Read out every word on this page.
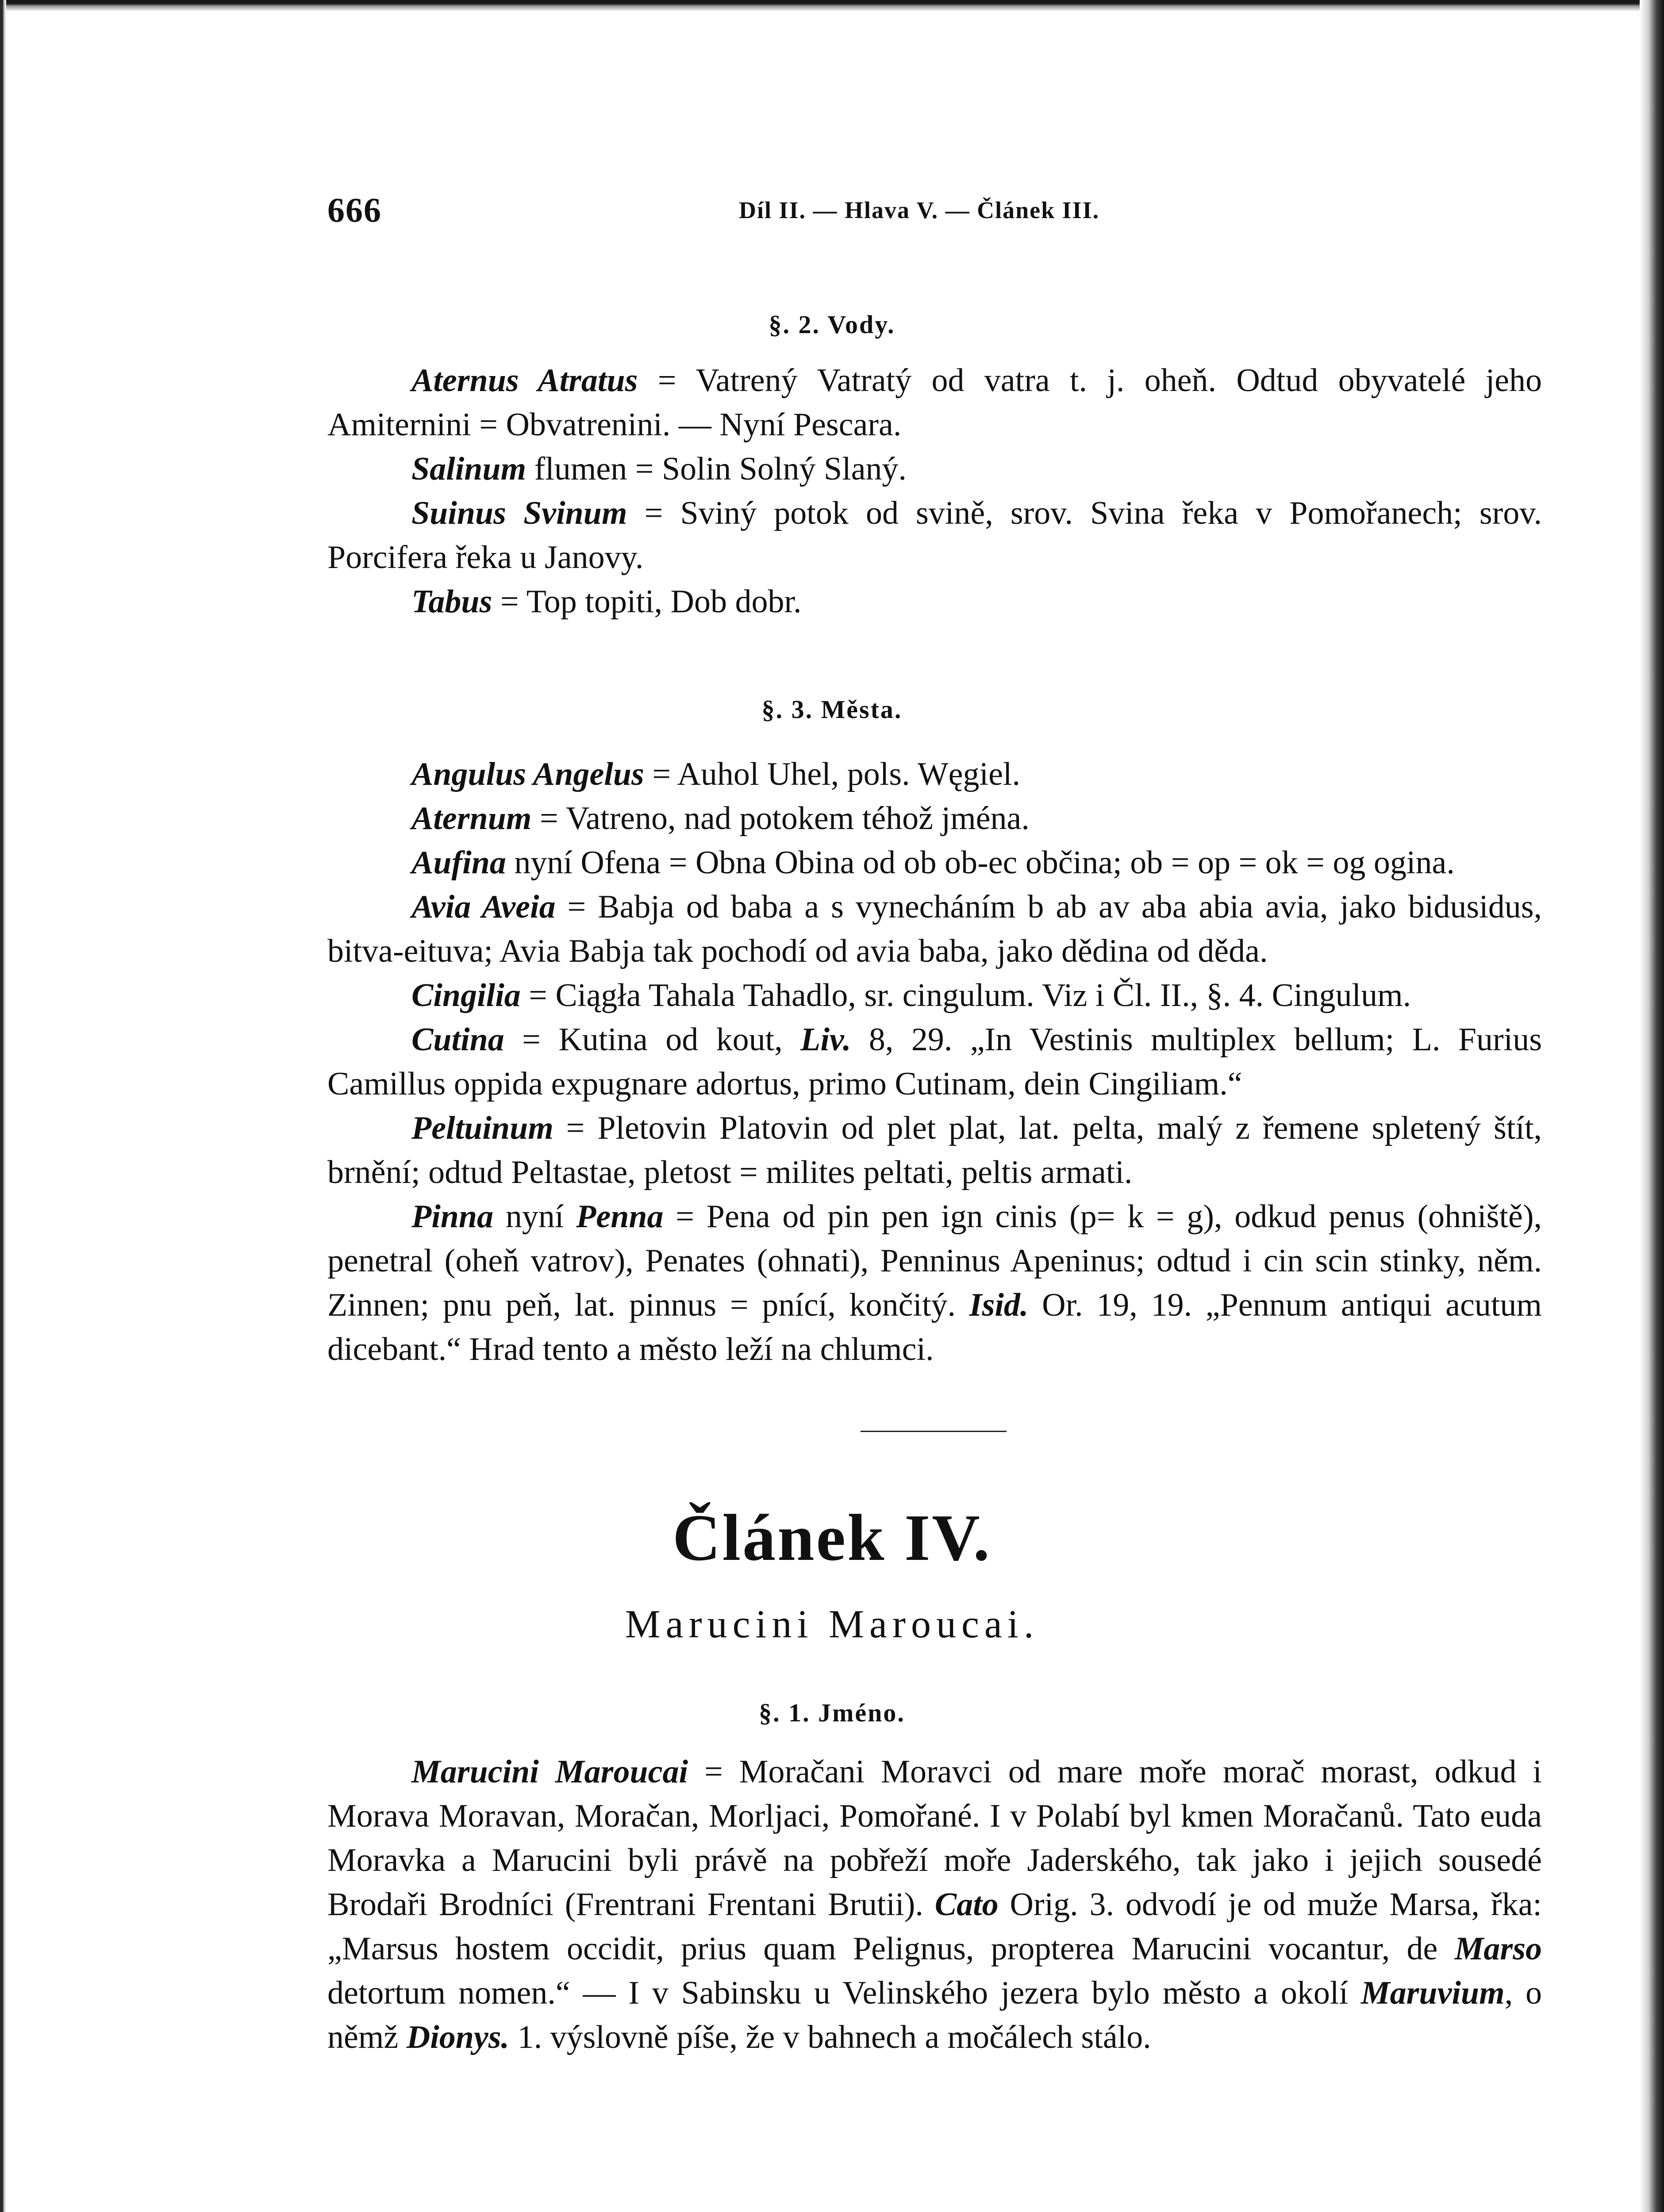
666	Díl II. — Hlava V. — Článek III.
§. 2. Vody.

Aternus Atratus = Vatrený Vatratý od vatra t. j. oheň. Odtud obyvatelé jeho Amiternini = Obvatrenini. — Nyní Pescara.

Salinum flumen = Solin Solný Slaný.

Suinus Svinum = Sviný potok od svině, srov. Svina řeka v Pomořanech; srov. Porcifera řeka u Janovy.

Tabus = Top topiti, Dob dobr.

§. 3. Města.

Angulus Angelus = Auhol Uhel, pols. Węgiel.

Aternum = Vatreno, nad potokem téhož jména.

Aufina nyní Ofena = Obna Obina od ob ob-ec občina; ob = op = ok = og ogina.

Avia Aveia = Babja od baba a s vynecháním b ab av aba abia avia, jako bidusidus, bitva-eituva; Avia Babja tak pochodí od avia baba, jako dědina od děda.

Cingilia = Ciągła Tahala Tahadlo, sr. cingulum. Viz i Čl. II., §. 4. Cingulum.

Cutina = Kutina od kout, Liv. 8, 29. „In Vestinis multiplex bellum; L. Furius Camillus oppida expugnare adortus, primo Cutinam, dein Cingiliam.“

Peltuinum = Pletovin Platovin od plet plat, lat. pelta, malý z řemene spletený štít, brnění; odtud Peltastae, pletost = milites peltati, peltis armati.

Pinna nyní Penna = Pena od pin pen ign cinis (p= k = g), odkud penus (ohniště), penetral (oheň vatrov), Penates (ohnati), Penninus Apeninus; odtud i cin scin stinky, něm. Zinnen; pnu peň, lat. pinnus = pnící, končitý. Isid. Or. 19, 19. „Pennum antiqui acutum dicebant.“ Hrad tento a město leží na chlumci.

Článek IV.
Marucini Maroucai.
§. 1. Jméno.

Marucini Maroucai = Moračani Moravci od mare moře morač morast, odkud i Morava Moravan, Moračan, Morljaci, Pomořané. I v Polabí byl kmen Moračanů. Tato euda Moravka a Marucini byli právě na pobřeží moře Jaderského, tak jako i jejich sousedé Brodaři Brodníci (Frentrani Frentani Brutii). Cato Orig. 3. odvodí je od muže Marsa, řka: „Marsus hostem occidit, prius quam Pelignus, propterea Marucini vocantur, de Marso detortum nomen.“ — I v Sabinsku u Velinského jezera bylo město a okolí Maruvium, o němž Dionys. 1. výslovně píše, že v bahnech a močálech stálo.
